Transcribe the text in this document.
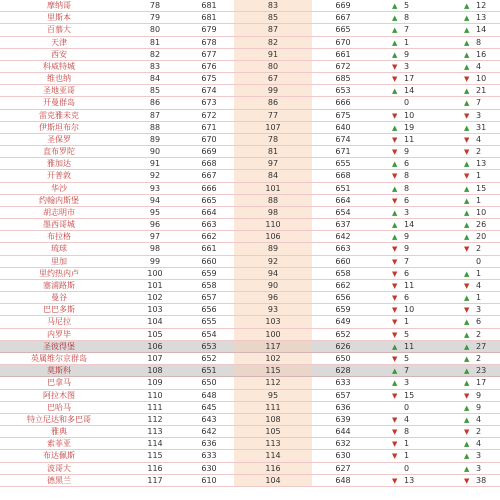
摩纳哥	78	681	83	669	▲ 5	▲ 12
里斯本	79	681	85	667	▲ 8	▲ 13
百慕大	80	679	87	665	▲ 7	▲ 14
天津	81	678	82	670	▲ 1	▲ 8
西安	82	677	91	661	▲ 9	▲ 16
科威特城	83	676	80	672	▼ 3	▲ 4
维也纳	84	675	67	685	▼ 17	▼ 10
圣地亚哥	85	674	99	653	▲ 14	▲ 21
开曼群岛	86	673	86	666	0	▲ 7
雷克雅未克	87	672	77	675	▼ 10	▼ 3
伊斯坦布尔	88	671	107	640	▲ 19	▲ 31
圣保罗	89	670	78	674	▼ 11	▼ 4
直布罗陀	90	669	81	671	▼ 9	▼ 2
雅加达	91	668	97	655	▲ 6	▲ 13
开普敦	92	667	84	668	▼ 8	▼ 1
华沙	93	666	101	651	▲ 8	▲ 15
约翰内斯堡	94	665	88	664	▼ 6	▲ 1
胡志明市	95	664	98	654	▲ 3	▲ 10
墨西哥城	96	663	110	637	▲ 14	▲ 26
布拉格	97	662	106	642	▲ 9	▲ 20
琉球	98	661	89	663	▼ 9	▼ 2
里加	99	660	92	660	▼ 7	0
里约热内卢	100	659	94	658	▼ 6	▲ 1
塞浦路斯	101	658	90	662	▼ 11	▼ 4
曼谷	102	657	96	656	▼ 6	▲ 1
巴巴多斯	103	656	93	659	▼ 10	▼ 3
马尼拉	104	655	103	649	▼ 1	▲ 6
内罗毕	105	654	100	652	▼ 5	▲ 2
圣彼得堡	106	653	117	626	▲ 11	▲ 27
英属维尔京群岛	107	652	102	650	▼ 5	▲ 2
莫斯科	108	651	115	628	▲ 7	▲ 23
巴拿马	109	650	112	633	▲ 3	▲ 17
阿拉木图	110	648	95	657	▼ 15	▼ 9
巴哈马	111	645	111	636	0	▲ 9
特立尼达和多巴哥	112	643	108	639	▼ 4	▲ 4
雅典	113	642	105	644	▼ 8	▼ 2
索菲亚	114	636	113	632	▼ 1	▲ 4
布达佩斯	115	633	114	630	▼ 1	▲ 3
波哥大	116	630	116	627	0	▲ 3
德黑兰	117	610	104	648	▼ 13	▼ 38
